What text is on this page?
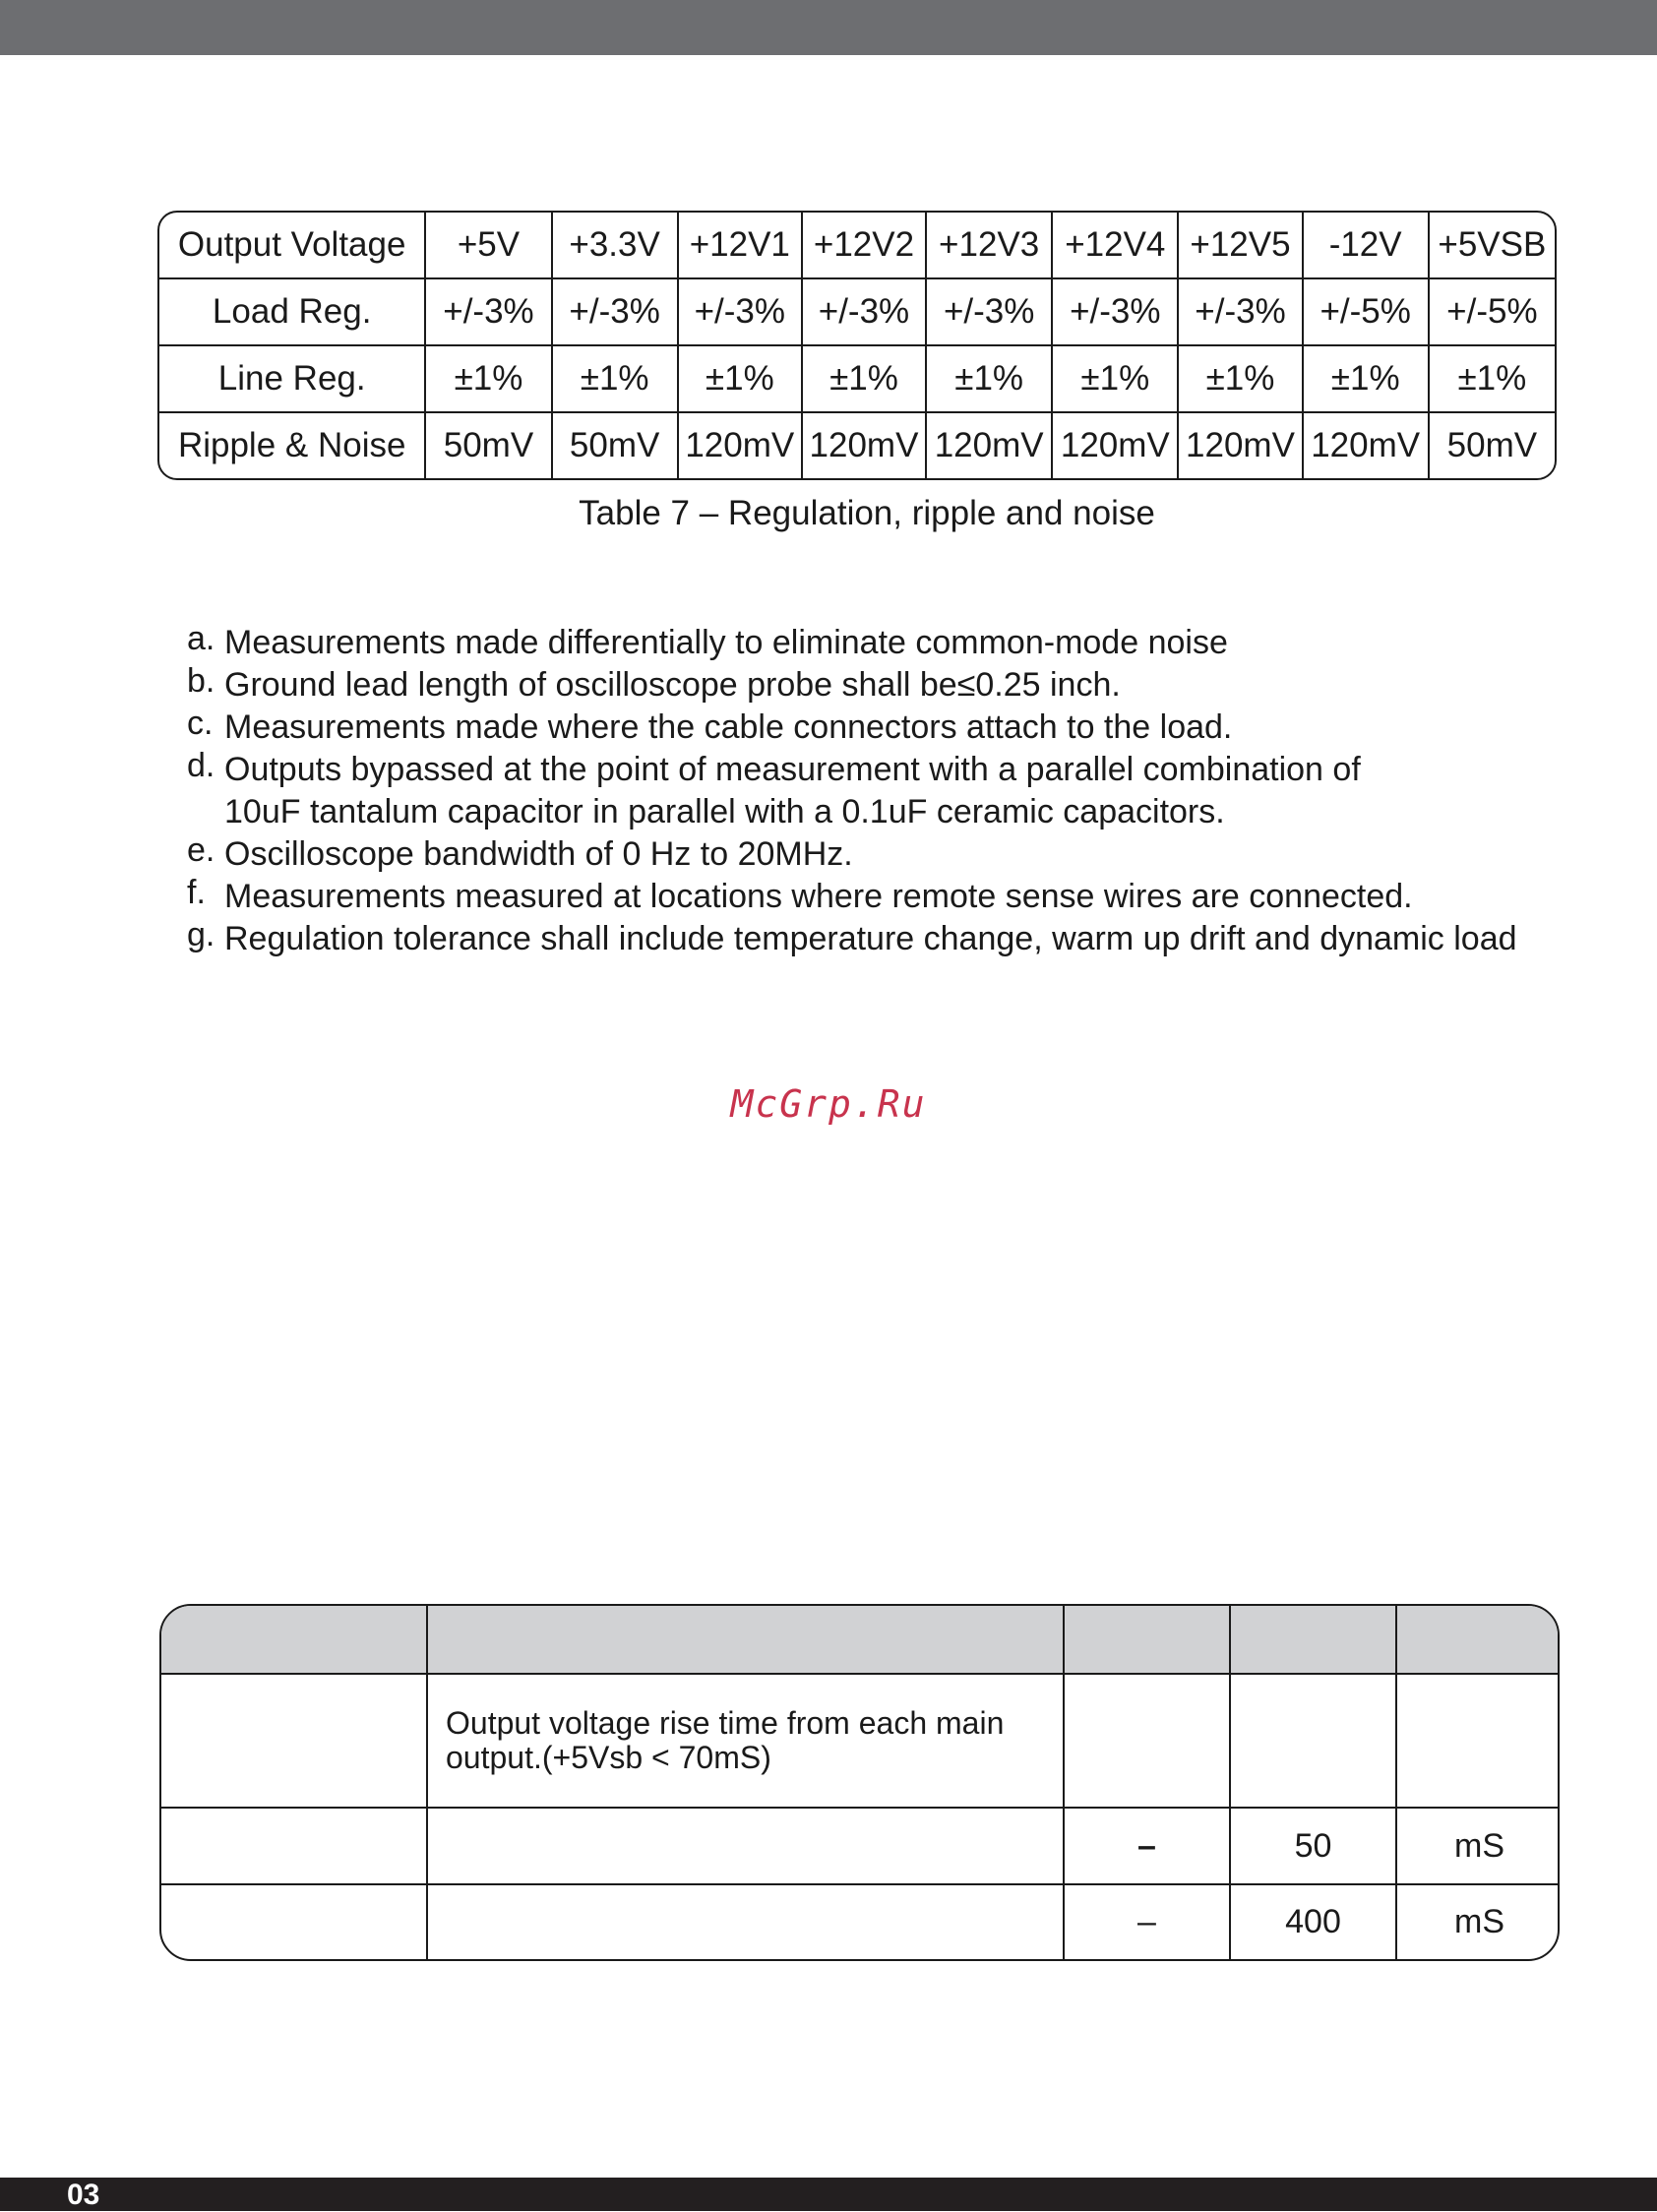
Output Voltage	+5V	+3.3V	+12V1	+12V2	+12V3	+12V4	+12V5	-12V	+5VSB
Load Reg.	+/-3%	+/-3%	+/-3%	+/-3%	+/-3%	+/-3%	+/-3%	+/-5%	+/-5%
Line Reg.	±1%	±1%	±1%	±1%	±1%	±1%	±1%	±1%	±1%
Ripple & Noise	50mV	50mV	120mV	120mV	120mV	120mV	120mV	120mV	50mV
Table 7 – Regulation, ripple and noise
a. Measurements made differentially to eliminate common-mode noise
b. Ground lead length of oscilloscope probe shall be≤0.25 inch.
c. Measurements made where the cable connectors attach to the load.
d. Outputs bypassed at the point of measurement with a parallel combination of
10uF tantalum capacitor in parallel with a 0.1uF ceramic capacitors.
e. Oscilloscope bandwidth of 0 Hz to 20MHz.
f. Measurements measured at locations where remote sense wires are connected.
g. Regulation tolerance shall include temperature change, warm up drift and dynamic load
McGrp.Ru

	Output voltage rise time from each main
output.(+5Vsb < 70mS)			

		–	50	mS
		–	400	mS
03
